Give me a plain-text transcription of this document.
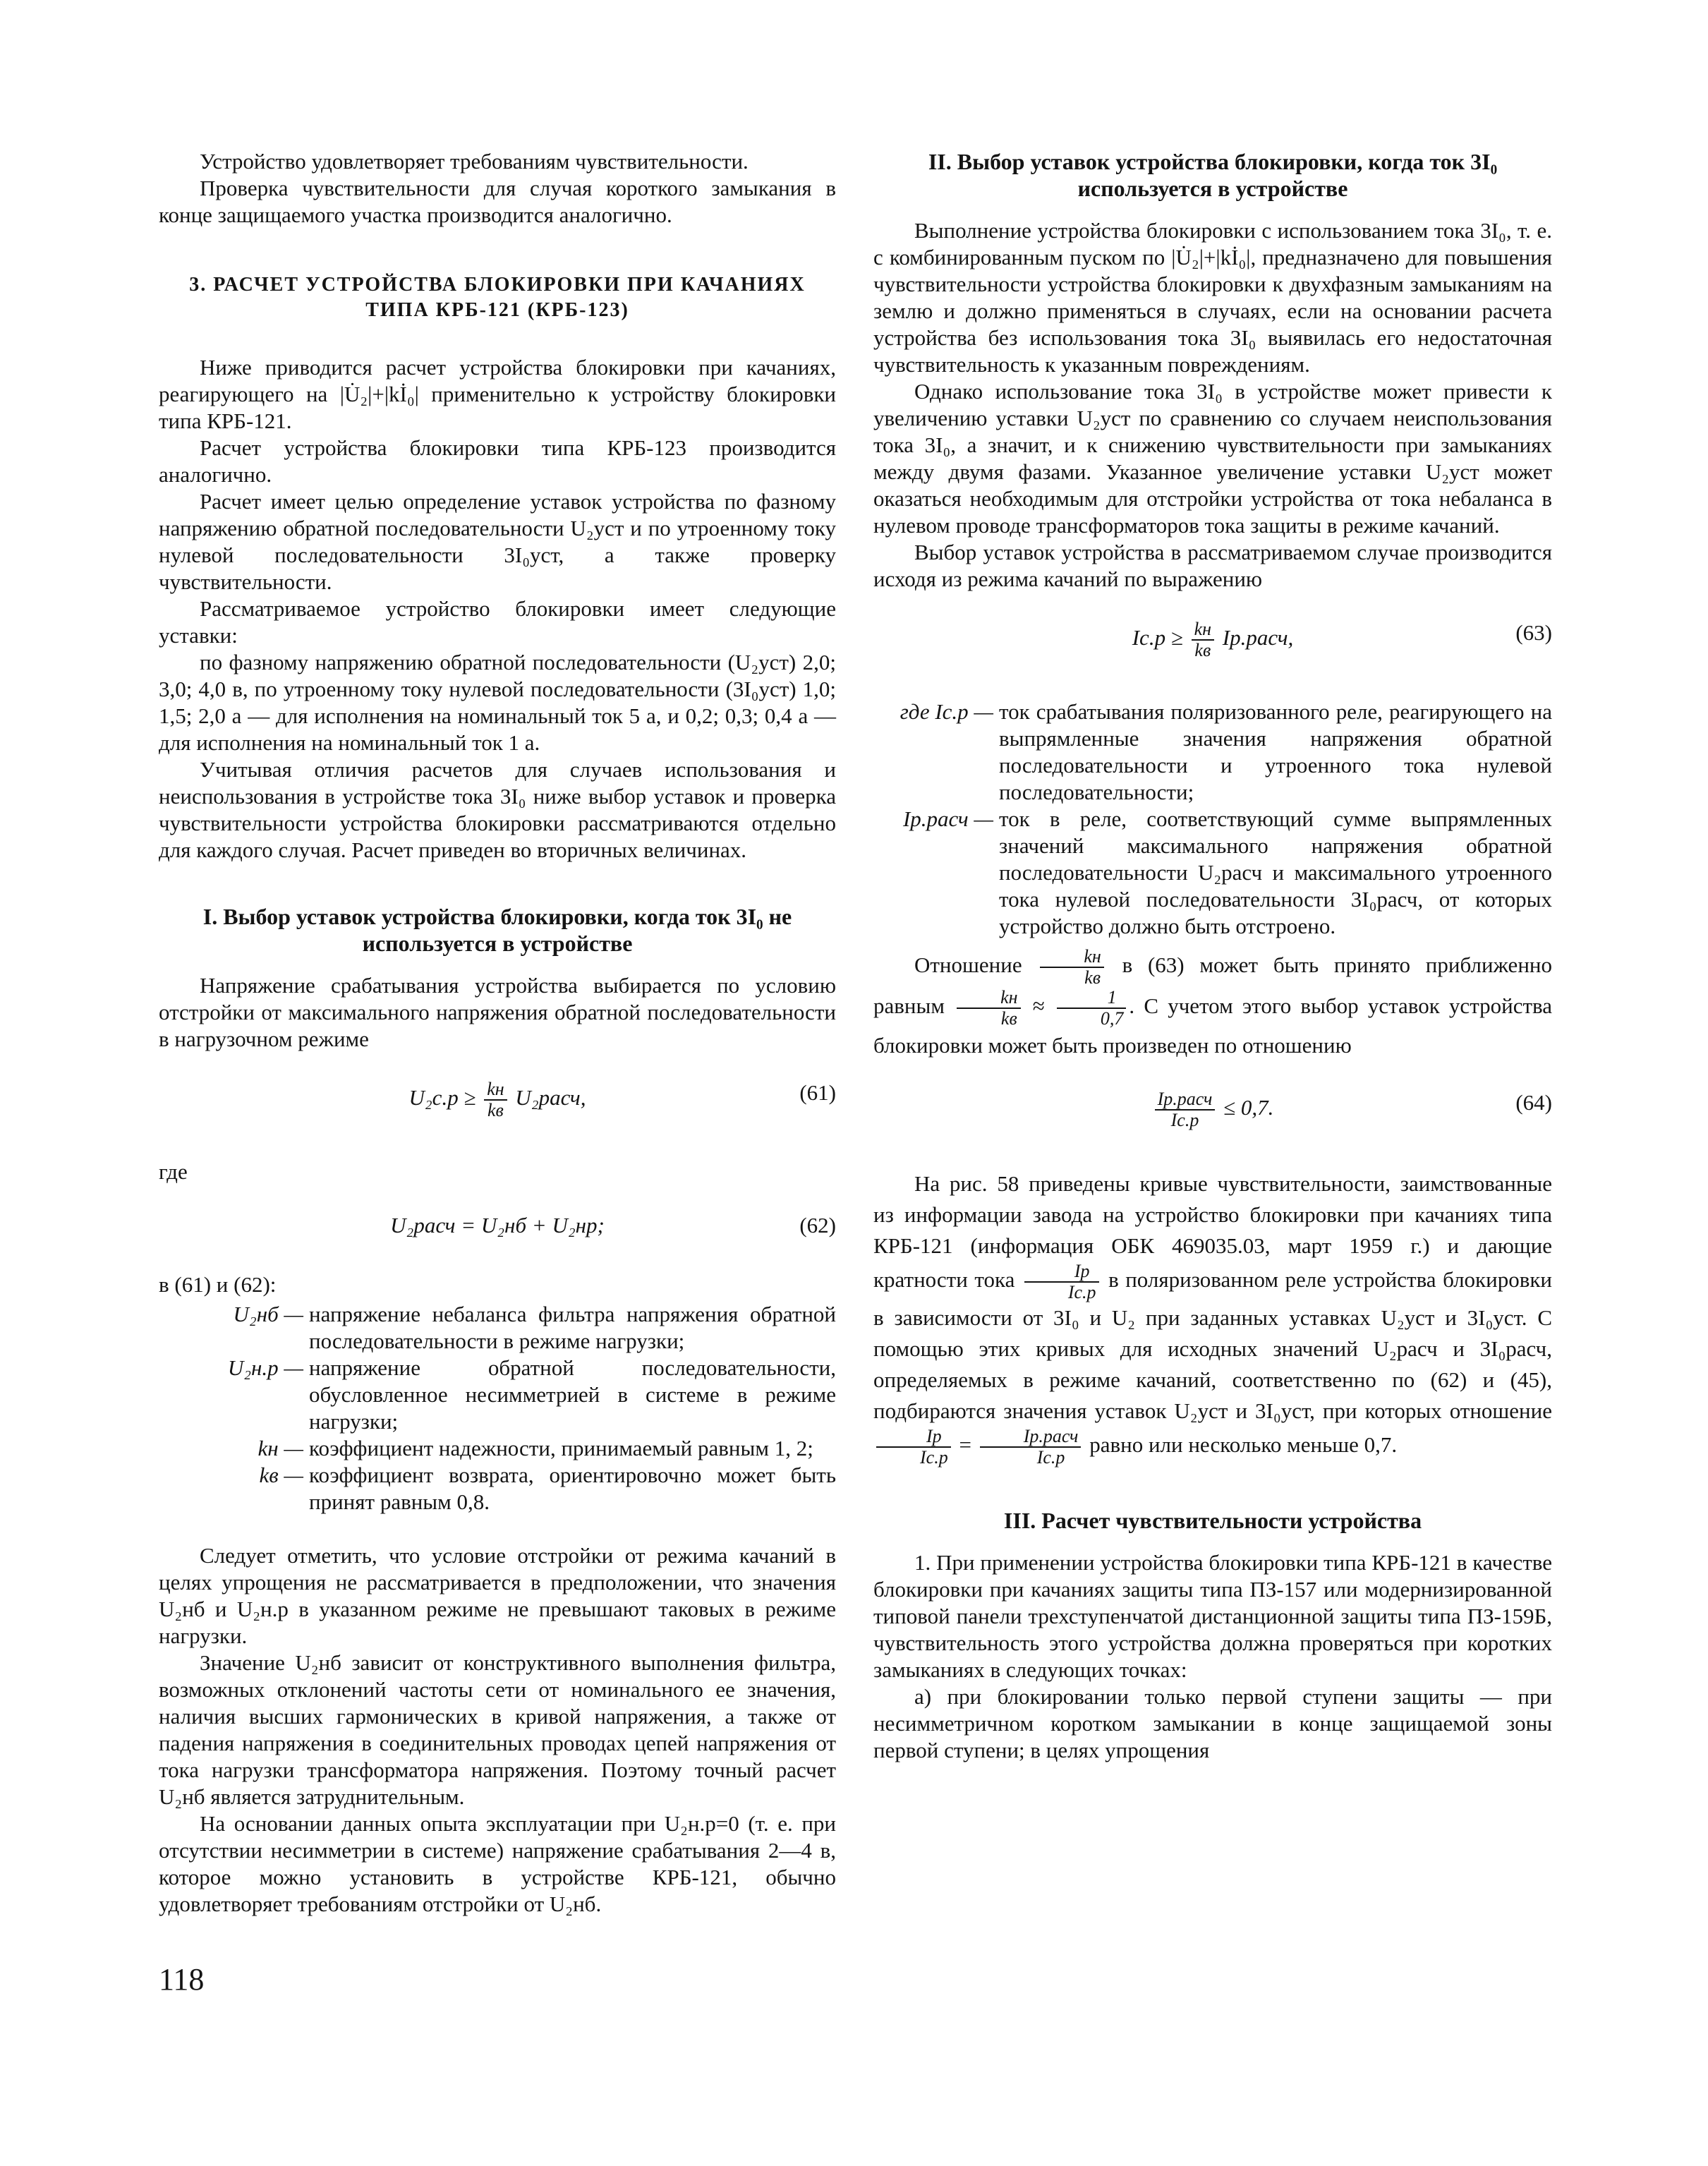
Устройство удовлетворяет требованиям чувствительности.

Проверка чувствительности для случая короткого замыкания в конце защищаемого участка производится аналогично.

3. РАСЧЕТ УСТРОЙСТВА БЛОКИРОВКИ ПРИ КАЧАНИЯХ ТИПА КРБ-121 (КРБ-123)

Ниже приводится расчет устройства блокировки при качаниях, реагирующего на |U̇₂|+|kİ₀| применительно к устройству блокировки типа КРБ-121.

Расчет устройства блокировки типа КРБ-123 производится аналогично.

Расчет имеет целью определение уставок устройства по фазному напряжению обратной последовательности U₂уст и по утроенному току нулевой последовательности 3I₀уст, а также проверку чувствительности.

Рассматриваемое устройство блокировки имеет следующие уставки:

по фазному напряжению обратной последовательности (U₂уст) 2,0; 3,0; 4,0 в, по утроенному току нулевой последовательности (3I₀уст) 1,0; 1,5; 2,0 а — для исполнения на номинальный ток 5 а, и 0,2; 0,3; 0,4 а — для исполнения на номинальный ток 1 а.

Учитывая отличия расчетов для случаев использования и неиспользования в устройстве тока 3I₀ ниже выбор уставок и проверка чувствительности устройства блокировки рассматриваются отдельно для каждого случая. Расчет приведен во вторичных величинах.

I. Выбор уставок устройства блокировки, когда ток 3I₀ не используется в устройстве

Напряжение срабатывания устройства выбирается по условию отстройки от максимального напряжения обратной последовательности в нагрузочном режиме

$U_2с.р \ge \frac{kн}{kв}$ U₂расч,	(61)

где

U₂расч = U₂нб + U₂нр;	(62)

в (61) и (62):

U₂нб — напряжение небаланса фильтра напряжения обратной последовательности в режиме нагрузки;
U₂н.р — напряжение обратной последовательности, обусловленное несимметрией в системе в режиме нагрузки;
kн — коэффициент надежности, принимаемый равным 1, 2;
kв — коэффициент возврата, ориентировочно может быть принят равным 0,8.

Следует отметить, что условие отстройки от режима качаний в целях упрощения не рассматривается в предположении, что значения U₂нб и U₂н.р в указанном режиме не превышают таковых в режиме нагрузки.

Значение U₂нб зависит от конструктивного выполнения фильтра, возможных отклонений частоты сети от номинального ее значения, наличия высших гармонических в кривой напряжения, а также от падения напряжения в соединительных проводах цепей напряжения от тока нагрузки трансформатора напряжения. Поэтому точный расчет U₂нб является затруднительным.

На основании данных опыта эксплуатации при U₂н.р=0 (т. е. при отсутствии несимметрии в системе) напряжение срабатывания 2—4 в, которое можно установить в устройстве КРБ-121, обычно удовлетворяет требованиям отстройки от U₂нб.

II. Выбор уставок устройства блокировки, когда ток 3I₀ используется в устройстве

Выполнение устройства блокировки с использованием тока 3I₀, т. е. с комбинированным пуском по |U̇₂|+|kİ₀|, предназначено для повышения чувствительности устройства блокировки к двухфазным замыканиям на землю и должно применяться в случаях, если на основании расчета устройства без использования тока 3I₀ выявилась его недостаточная чувствительность к указанным повреждениям.

Однако использование тока 3I₀ в устройстве может привести к увеличению уставки U₂уст по сравнению со случаем неиспользования тока 3I₀, а значит, и к снижению чувствительности при замыканиях между двумя фазами. Указанное увеличение уставки U₂уст может оказаться необходимым для отстройки устройства от тока небаланса в нулевом проводе трансформаторов тока защиты в режиме качаний.

Выбор уставок устройства в рассматриваемом случае производится исходя из режима качаний по выражению

$Iс.р \ge \frac{kн}{kв}$ Iр.расч,	(63)
где Iс.р — ток срабатывания поляризованного реле, реагирующего на выпрямленные значения напряжения обратной последовательности и утроенного тока нулевой последовательности;
Iр.расч — ток в реле, соответствующий сумме выпрямленных значений максимального напряжения обратной последовательности U₂расч и максимального утроенного тока нулевой последовательности 3I₀расч, от которых устройство должно быть отстроено.

Отношение $\frac{kн}{kв}$ в (63) может быть принято приближенно равным $\frac{kн}{kв} \approx \frac{1}{0,7}$ . С учетом этого выбор уставок устройства блокировки может быть произведен по отношению

$\frac{\text{Iр.расч}}{Iс.р} \le 0,7$.	(64)

На рис. 58 приведены кривые чувствительности, заимствованные из информации завода на устройство блокировки при качаниях типа КРБ-121 (информация ОБК 469035.03, март 1959 г.) и дающие кратности тока $\frac{Iр}{Iс.р}$ в поляризованном реле устройства блокировки в зависимости от 3I₀ и U₂ при заданных уставках U₂уст и 3I₀уст. С помощью этих кривых для исходных значений U₂расч и 3I₀расч, определяемых в режиме качаний, соответственно по (62) и (45), подбираются значения уставок U₂уст и 3I₀уст, при которых отношение
$\frac{Iр}{Iс.р} = \frac{\text{Iр.расч}}{Iс.р}$ равно или несколько меньше 0,7.

III. Расчет чувствительности устройства

1. При применении устройства блокировки типа КРБ-121 в качестве блокировки при качаниях защиты типа ПЗ-157 или модернизированной типовой панели трехступенчатой дистанционной защиты типа ПЗ-159Б, чувствительность этого устройства должна проверяться при коротких замыканиях в следующих точках:

а) при блокировании только первой ступени защиты — при несимметричном коротком замыкании в конце защищаемой зоны первой ступени; в целях упрощения

118
